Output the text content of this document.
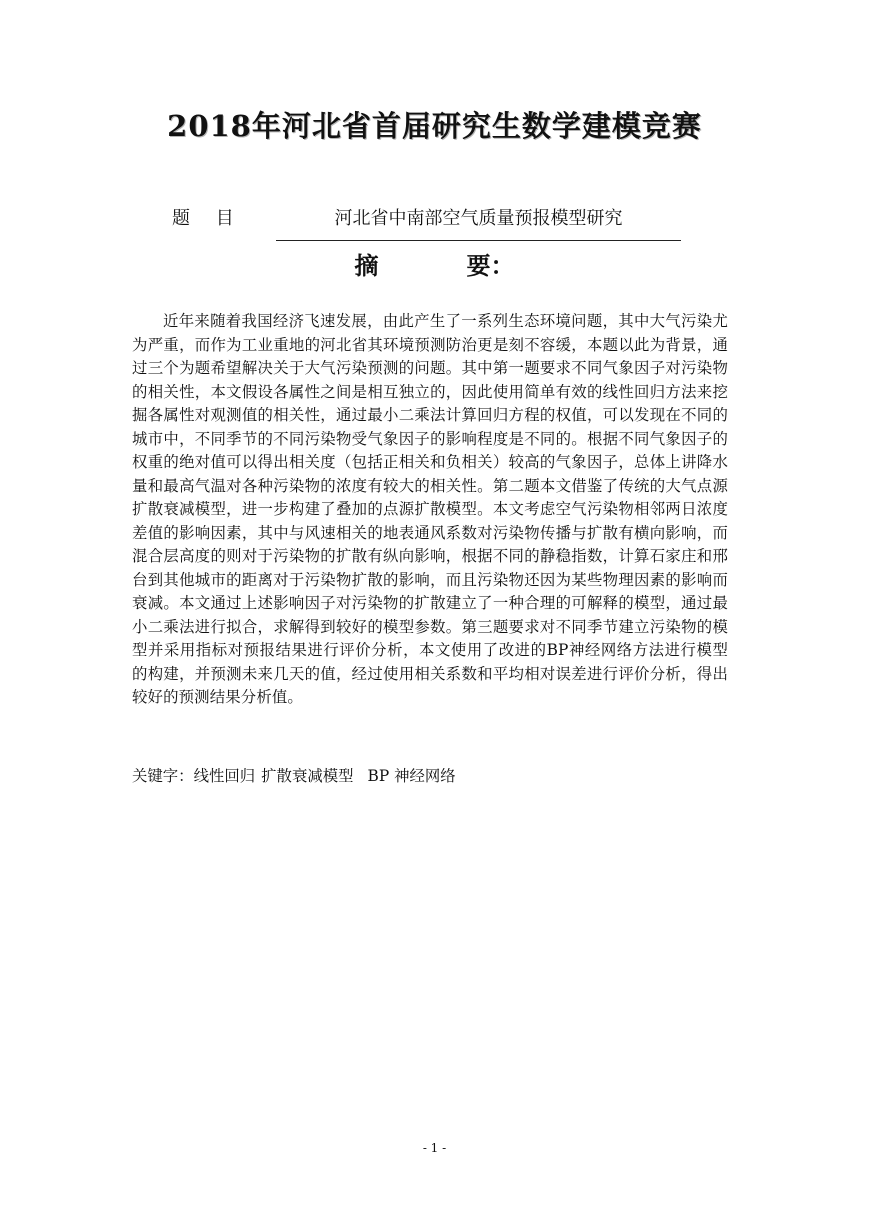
2018年河北省首届研究生数学建模竞赛
题 目	河北省中南部空气质量预报模型研究
摘	要：

近年来随着我国经济飞速发展，由此产生了一系列生态环境问题，其中大气污染尤为严重，而作为工业重地的河北省其环境预测防治更是刻不容缓，本题以此为背景，通过三个为题希望解决关于大气污染预测的问题。其中第一题要求不同气象因子对污染物的相关性，本文假设各属性之间是相互独立的，因此使用简单有效的线性回归方法来挖掘各属性对观测值的相关性，通过最小二乘法计算回归方程的权值，可以发现在不同的城市中，不同季节的不同污染物受气象因子的影响程度是不同的。根据不同气象因子的权重的绝对值可以得出相关度（包括正相关和负相关）较高的气象因子，总体上讲降水量和最高气温对各种污染物的浓度有较大的相关性。第二题本文借鉴了传统的大气点源扩散衰减模型，进一步构建了叠加的点源扩散模型。本文考虑空气污染物相邻两日浓度差值的影响因素，其中与风速相关的地表通风系数对污染物传播与扩散有横向影响，而混合层高度的则对于污染物的扩散有纵向影响，根据不同的静稳指数，计算石家庄和邢台到其他城市的距离对于污染物扩散的影响，而且污染物还因为某些物理因素的影响而衰减。本文通过上述影响因子对污染物的扩散建立了一种合理的可解释的模型，通过最小二乘法进行拟合，求解得到较好的模型参数。第三题要求对不同季节建立污染物的模型并采用指标对预报结果进行评价分析，本文使用了改进的BP神经网络方法进行模型的构建，并预测未来几天的值，经过使用相关系数和平均相对误差进行评价分析，得出较好的预测结果分析值。

关键字：线性回归 扩散衰减模型 BP 神经网络

- 1 -
